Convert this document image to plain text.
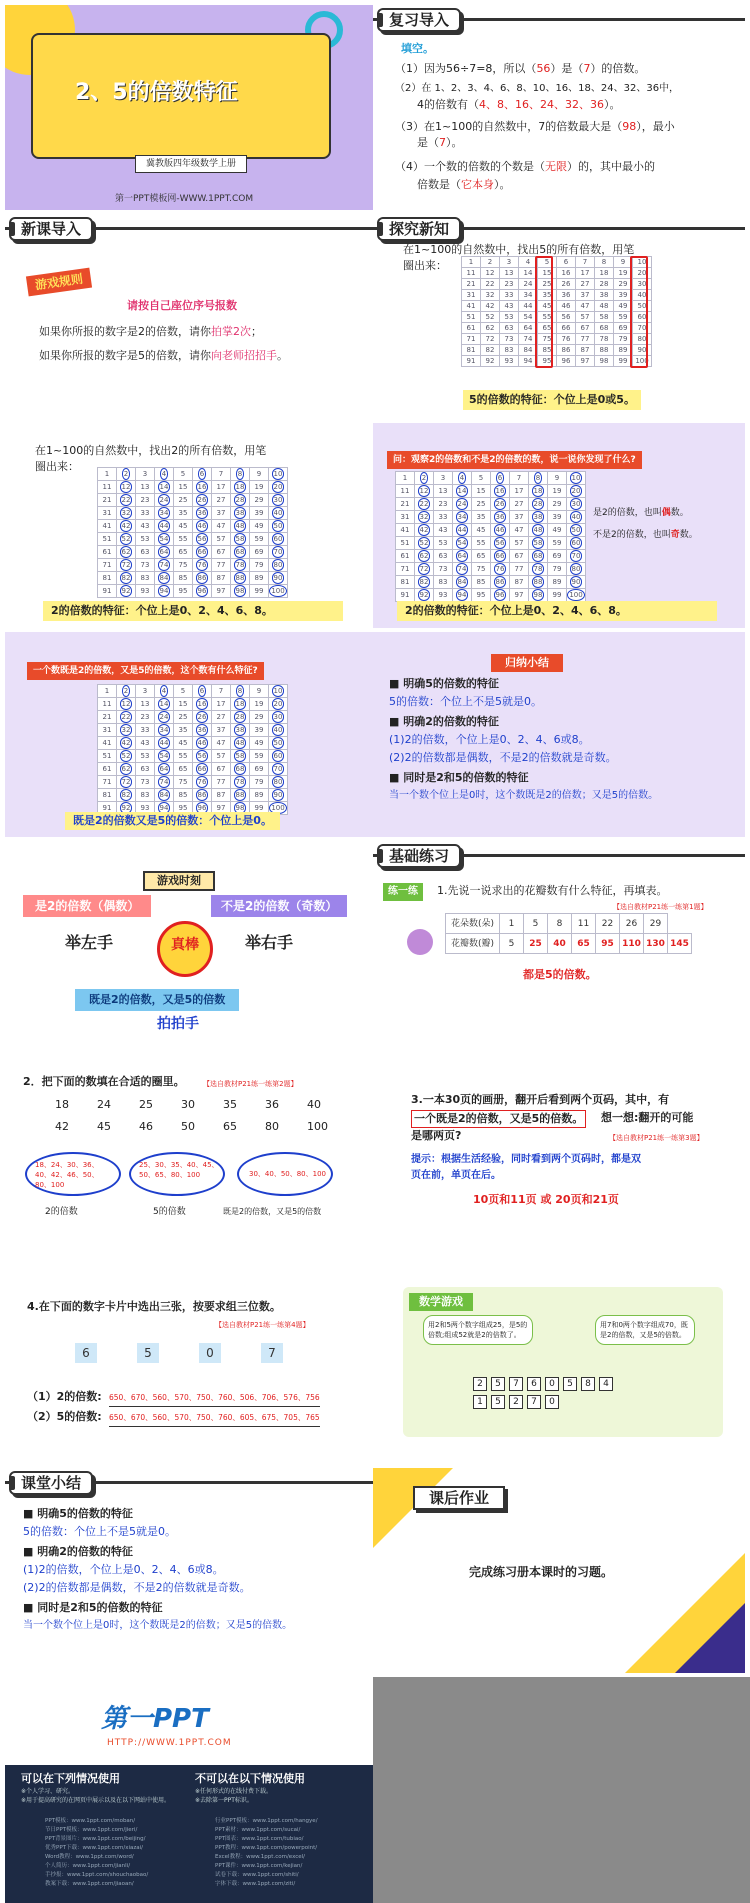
2、5的倍数特征
冀教版四年级数学上册
第一PPT模板网-WWW.1PPT.COM
复习导入
填空。
（1）因为56÷7=8，所以（56）是（7）的倍数。
（2）在 1、2、3、4、6、8、10、16、18、24、32、36中，
4的倍数有（4、8、16、24、32、36）。
（3）在1~100的自然数中，7的倍数最大是（98），最小
是（7）。
（4）一个数的倍数的个数是（无限）的，其中最小的
倍数是（它本身）。
新课导入
游戏规则
请按自己座位序号报数
如果你所报的数字是2的倍数，请你拍掌2次；
如果你所报的数字是5的倍数，请你向老师招招手。
探究新知
在1~100的自然数中，找出5的所有倍数，用笔
圈出来：	1	2	3	4	5	6	7	8	9	10
11	12	13	14	15	16	17	18	19	20
21	22	23	24	25	26	27	28	29	30
31	32	33	34	35	36	37	38	39	40
41	42	43	44	45	46	47	48	49	50
51	52	53	54	55	56	57	58	59	60
61	62	63	64	65	66	67	68	69	70
71	72	73	74	75	76	77	78	79	80
81	82	83	84	85	86	87	88	89	90
91	92	93	94	95	96	97	98	99	100
5的倍数的特征：个位上是0或5。
在1~100的自然数中，找出2的所有倍数，用笔
圈出来：
1	2	3	4	5	6	7	8	9	10
11	12	13	14	15	16	17	18	19	20
21	22	23	24	25	26	27	28	29	30
31	32	33	34	35	36	37	38	39	40
41	42	43	44	45	46	47	48	49	50
51	52	53	54	55	56	57	58	59	60
61	62	63	64	65	66	67	68	69	70
71	72	73	74	75	76	77	78	79	80
81	82	83	84	85	86	87	88	89	90
91	92	93	94	95	96	97	98	99	100
2的倍数的特征：个位上是0、2、4、6、8。
问：观察2的倍数和不是2的倍数的数，说一说你发现了什么?
1	2	3	4	5	6	7	8	9	10
11	12	13	14	15	16	17	18	19	20
21	22	23	24	25	26	27	28	29	30
31	32	33	34	35	36	37	38	39	40
41	42	43	44	45	46	47	48	49	50
51	52	53	54	55	56	57	58	59	60
61	62	63	64	65	66	67	68	69	70
71	72	73	74	75	76	77	78	79	80
81	82	83	84	85	86	87	88	89	90
91	92	93	94	95	96	97	98	99	100
是2的倍数，也叫偶数。
不是2的倍数，也叫奇数。
2的倍数的特征：个位上是0、2、4、6、8。
一个数既是2的倍数，又是5的倍数，这个数有什么特征?
1	2	3	4	5	6	7	8	9	10
11	12	13	14	15	16	17	18	19	20
21	22	23	24	25	26	27	28	29	30
31	32	33	34	35	36	37	38	39	40
41	42	43	44	45	46	47	48	49	50
51	52	53	54	55	56	57	58	59	60
61	62	63	64	65	66	67	68	69	70
71	72	73	74	75	76	77	78	79	80
81	82	83	84	85	86	87	88	89	90
91	92	93	94	95	96	97	98	99	100
既是2的倍数又是5的倍数：个位上是0。
归纳小结
■ 明确5的倍数的特征
5的倍数：个位上不是5就是0。
■ 明确2的倍数的特征
(1)2的倍数，个位上是0、2、4、6或8。
(2)2的倍数都是偶数，不是2的倍数就是奇数。
■ 同时是2和5的倍数的特征
当一个数个位上是0时，这个数既是2的倍数；又是5的倍数。
游戏时刻
是2的倍数（偶数）	不是2的倍数（奇数）
举左手	举右手
真棒
既是2的倍数，又是5的倍数
拍拍手
基础练习
练一练	1.先说一说求出的花瓣数有什么特征，再填表。
【选自教材P21练一练第1题】
花朵数(朵)	1	5	8	11	22	26	29	
花瓣数(瓣)	5	25	40	65	95	110	130	145
都是5的倍数。
2．把下面的数填在合适的圈里。	【选自教材P21练一练第2题】
18	24	25	30	35	36	40
42	45	46	50	65	80	100
18、24、30、36、40、42、46、50、80、100
25、30、35、40、45、50、65、80、100	30、40、50、80、100
2的倍数	5的倍数	既是2的倍数，又是5的倍数
3.一本30页的画册，翻开后看到两个页码，其中，有
一个既是2的倍数，又是5的倍数。 想一想:翻开的可能
是哪两页?	【选自教材P21练一练第3题】
提示：根据生活经验，同时看到两个页码时，都是双
页在前，单页在后。
10页和11页 或 20页和21页
4.在下面的数字卡片中选出三张，按要求组三位数。
【选自教材P21练一练第4题】
6	5	0	7
（1）2的倍数: 650、670、560、570、750、760、506、706、576、756
（2）5的倍数: 650、670、560、570、750、760、605、675、705、765
数学游戏
用2和5两个数字组成25，是5的倍数;组成52就是2的倍数了。
用7和0两个数字组成70，既是2的倍数，又是5的倍数。
2	5	7	6	0	5	8	4
1	5	2	7	0
课堂小结
■ 明确5的倍数的特征
5的倍数：个位上不是5就是0。
■ 明确2的倍数的特征
(1)2的倍数，个位上是0、2、4、6或8。
(2)2的倍数都是偶数，不是2的倍数就是奇数。
■ 同时是2和5的倍数的特征
当一个数个位上是0时，这个数既是2的倍数；又是5的倍数。
课后作业
完成练习册本课时的习题。
第一PPT
HTTP://WWW.1PPT.COM
可以在下列情况使用	不可以在以下情况使用
※个人学习、研究。
※用于提高研究的在网页中展示以及在以下网站中使用。
※任何形式的在线付费下载。
※去除第一PPT标识。
PPT模板：www.1ppt.com/moban/
节日PPT模板：www.1ppt.com/jieri/
PPT背景图片：www.1ppt.com/beijing/
优秀PPT下载：www.1ppt.com/xiazai/
Word教程：www.1ppt.com/word/
个人简历：www.1ppt.com/jianli/
手抄报：www.1ppt.com/shouchaobao/
教案下载：www.1ppt.com/jiaoan/
行业PPT模板：www.1ppt.com/hangye/
PPT素材：www.1ppt.com/sucai/
PPT图表：www.1ppt.com/tubiao/
PPT教程：www.1ppt.com/powerpoint/
Excel教程：www.1ppt.com/excel/
PPT课件：www.1ppt.com/kejian/
试卷下载：www.1ppt.com/shiti/
字体下载：www.1ppt.com/ziti/
